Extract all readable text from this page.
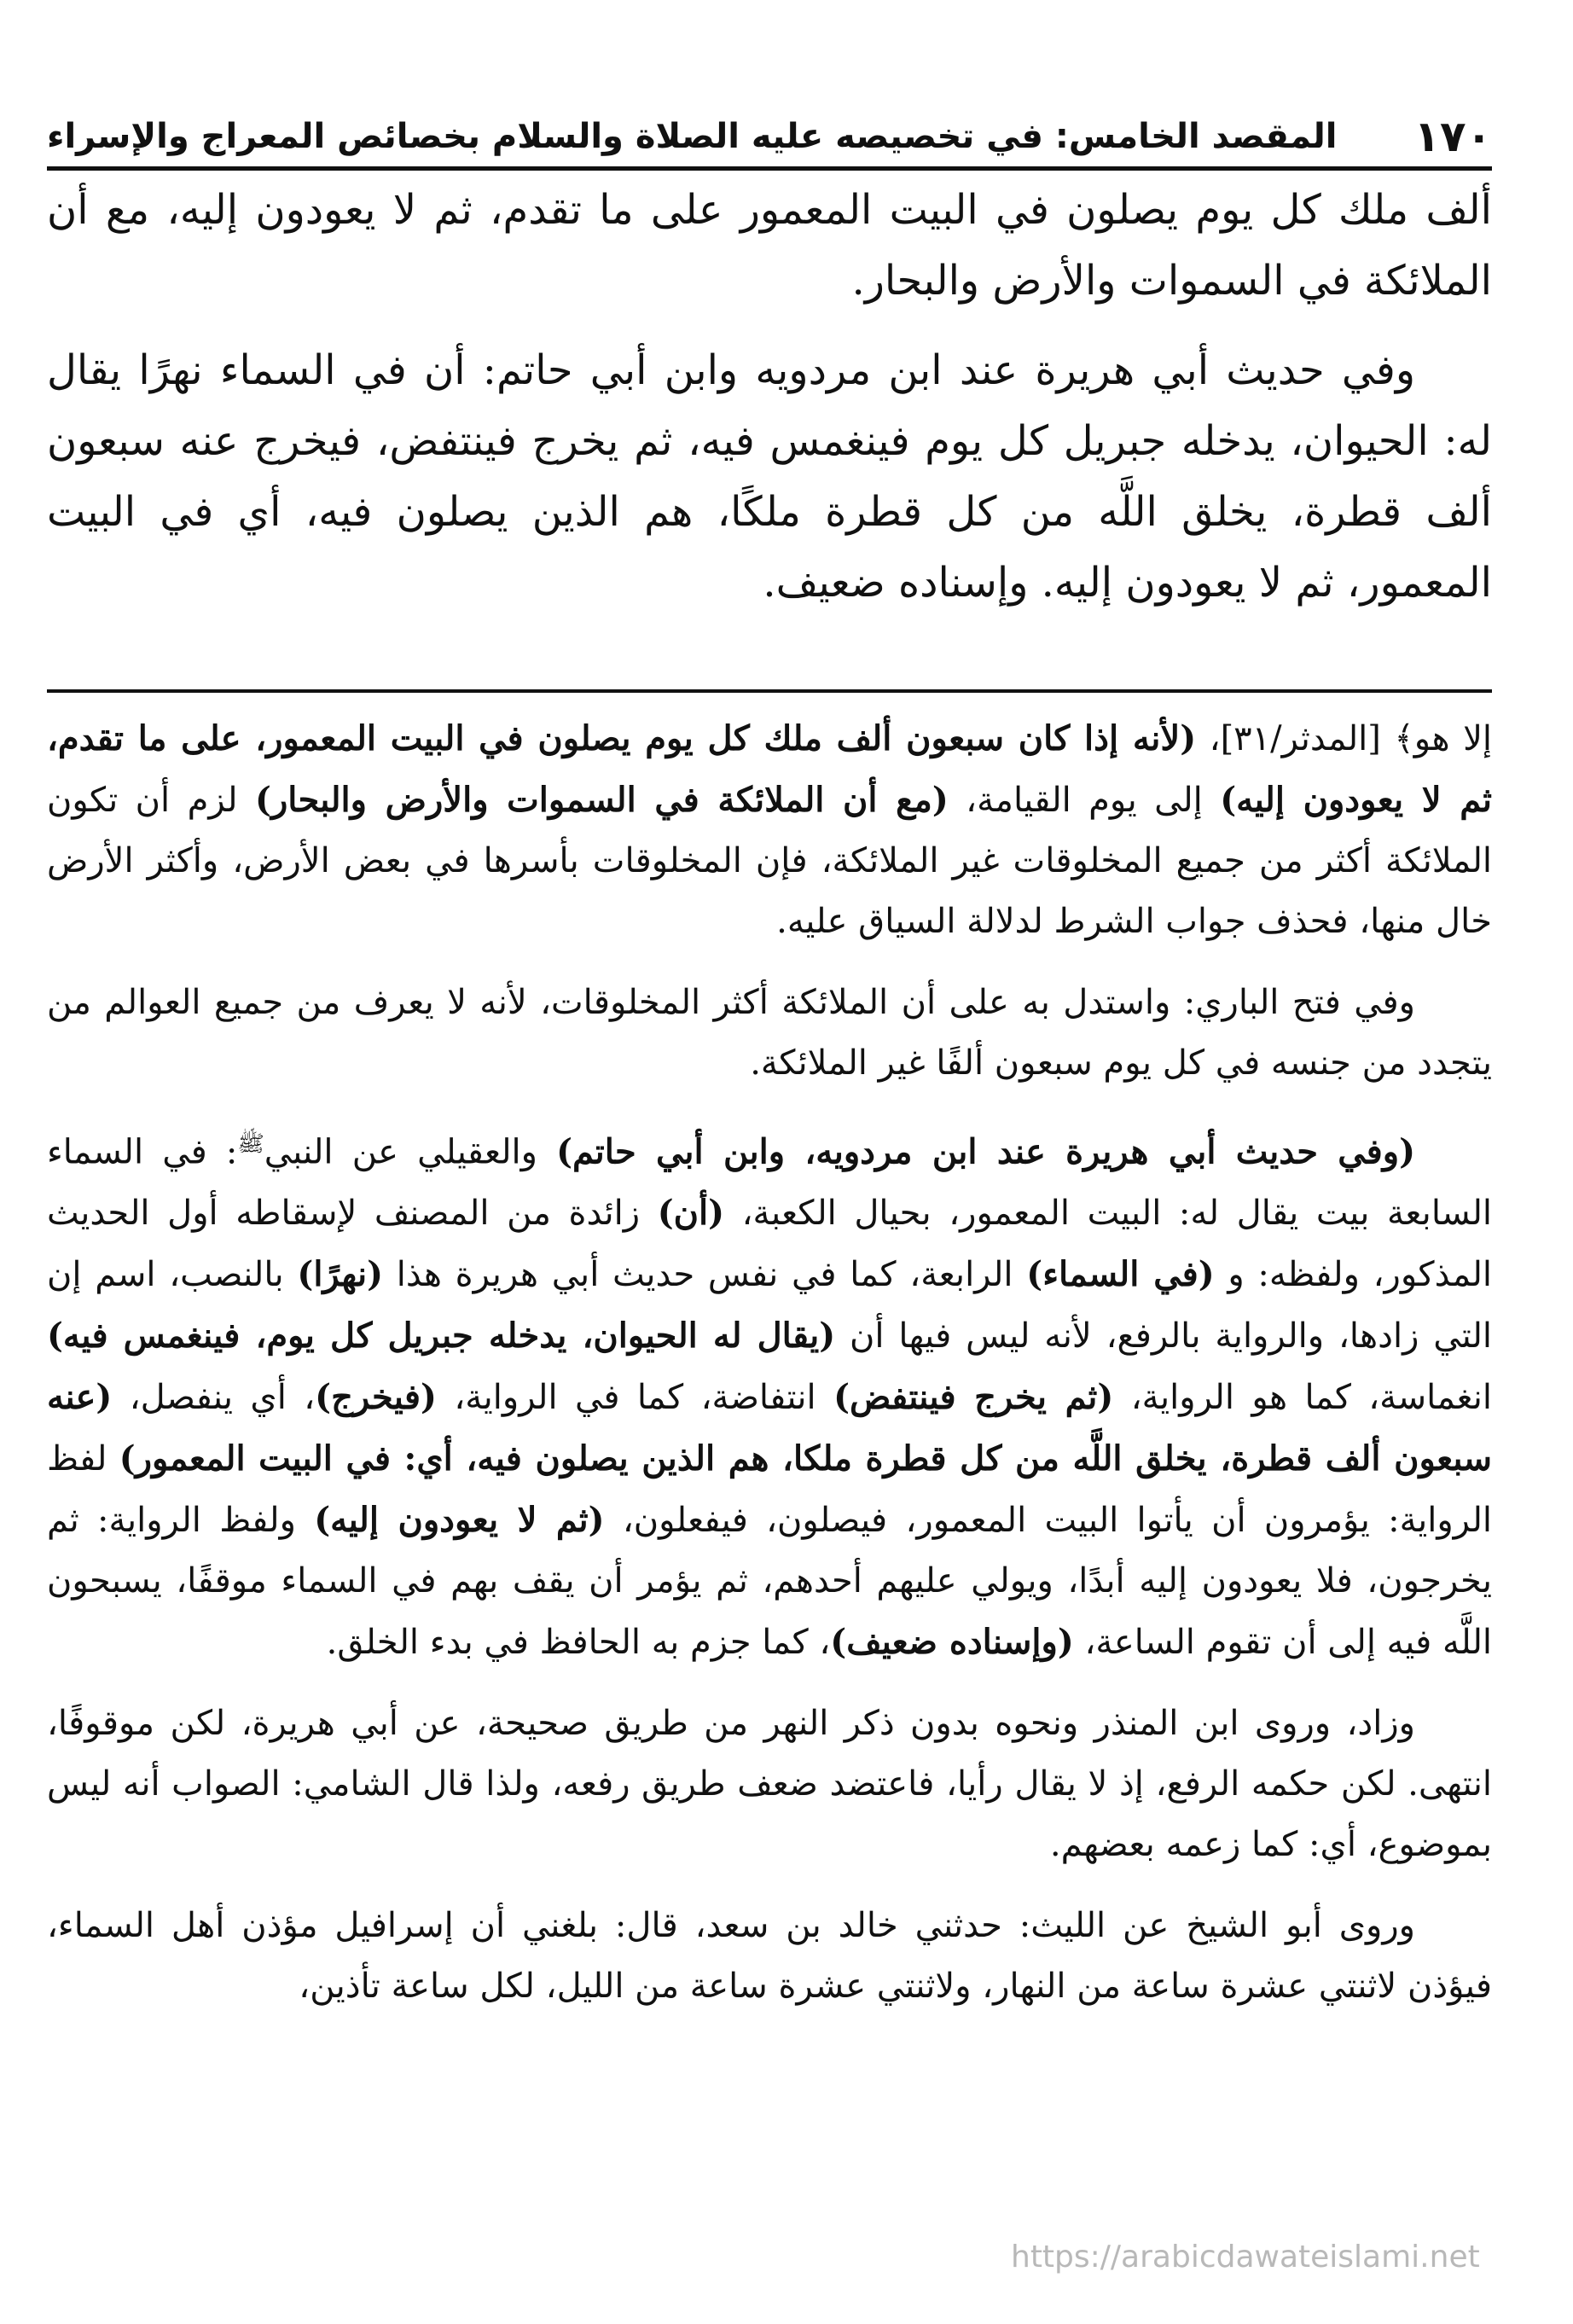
١٧٠
المقصد الخامس: في تخصيصه عليه الصلاة والسلام بخصائص المعراج والإسراء

ألف ملك كل يوم يصلون في البيت المعمور على ما تقدم، ثم لا يعودون إليه، مع أن الملائكة في السموات والأرض والبحار.

وفي حديث أبي هريرة عند ابن مردويه وابن أبي حاتم: أن في السماء نهرًا يقال له: الحيوان، يدخله جبريل كل يوم فينغمس فيه، ثم يخرج فينتفض، فيخرج عنه سبعون ألف قطرة، يخلق اللَّه من كل قطرة ملكًا، هم الذين يصلون فيه، أي في البيت المعمور، ثم لا يعودون إليه. وإسناده ضعيف.

إلا هو﴾ [المدثر/٣١]، (لأنه إذا كان سبعون ألف ملك كل يوم يصلون في البيت المعمور، على ما تقدم، ثم لا يعودون إليه) إلى يوم القيامة، (مع أن الملائكة في السموات والأرض والبحار) لزم أن تكون الملائكة أكثر من جميع المخلوقات غير الملائكة، فإن المخلوقات بأسرها في بعض الأرض، وأكثر الأرض خال منها، فحذف جواب الشرط لدلالة السياق عليه.

وفي فتح الباري: واستدل به على أن الملائكة أكثر المخلوقات، لأنه لا يعرف من جميع العوالم من يتجدد من جنسه في كل يوم سبعون ألفًا غير الملائكة.

(وفي حديث أبي هريرة عند ابن مردويه، وابن أبي حاتم) والعقيلي عن النبي$^ﷺ$: في السماء السابعة بيت يقال له: البيت المعمور، بحيال الكعبة، (أن) زائدة من المصنف لإسقاطه أول الحديث المذكور، ولفظه: و (في السماء) الرابعة، كما في نفس حديث أبي هريرة هذا (نهرًا) بالنصب، اسم إن التي زادها، والرواية بالرفع، لأنه ليس فيها أن (يقال له الحيوان، يدخله جبريل كل يوم، فينغمس فيه) انغماسة، كما هو الرواية، (ثم يخرج فينتفض) انتفاضة، كما في الرواية، (فيخرج)، أي ينفصل، (عنه سبعون ألف قطرة، يخلق اللَّه من كل قطرة ملكا، هم الذين يصلون فيه، أي: في البيت المعمور) لفظ الرواية: يؤمرون أن يأتوا البيت المعمور، فيصلون، فيفعلون، (ثم لا يعودون إليه) ولفظ الرواية: ثم يخرجون، فلا يعودون إليه أبدًا، ويولي عليهم أحدهم، ثم يؤمر أن يقف بهم في السماء موقفًا، يسبحون اللَّه فيه إلى أن تقوم الساعة، (وإسناده ضعيف)، كما جزم به الحافظ في بدء الخلق.

وزاد، وروى ابن المنذر ونحوه بدون ذكر النهر من طريق صحيحة، عن أبي هريرة، لكن موقوفًا، انتهى. لكن حكمه الرفع، إذ لا يقال رأيا، فاعتضد ضعف طريق رفعه، ولذا قال الشامي: الصواب أنه ليس بموضوع، أي: كما زعمه بعضهم.

وروى أبو الشيخ عن الليث: حدثني خالد بن سعد، قال: بلغني أن إسرافيل مؤذن أهل السماء، فيؤذن لاثنتي عشرة ساعة من النهار، ولاثنتي عشرة ساعة من الليل، لكل ساعة تأذين،

https://arabicdawateislami.net
